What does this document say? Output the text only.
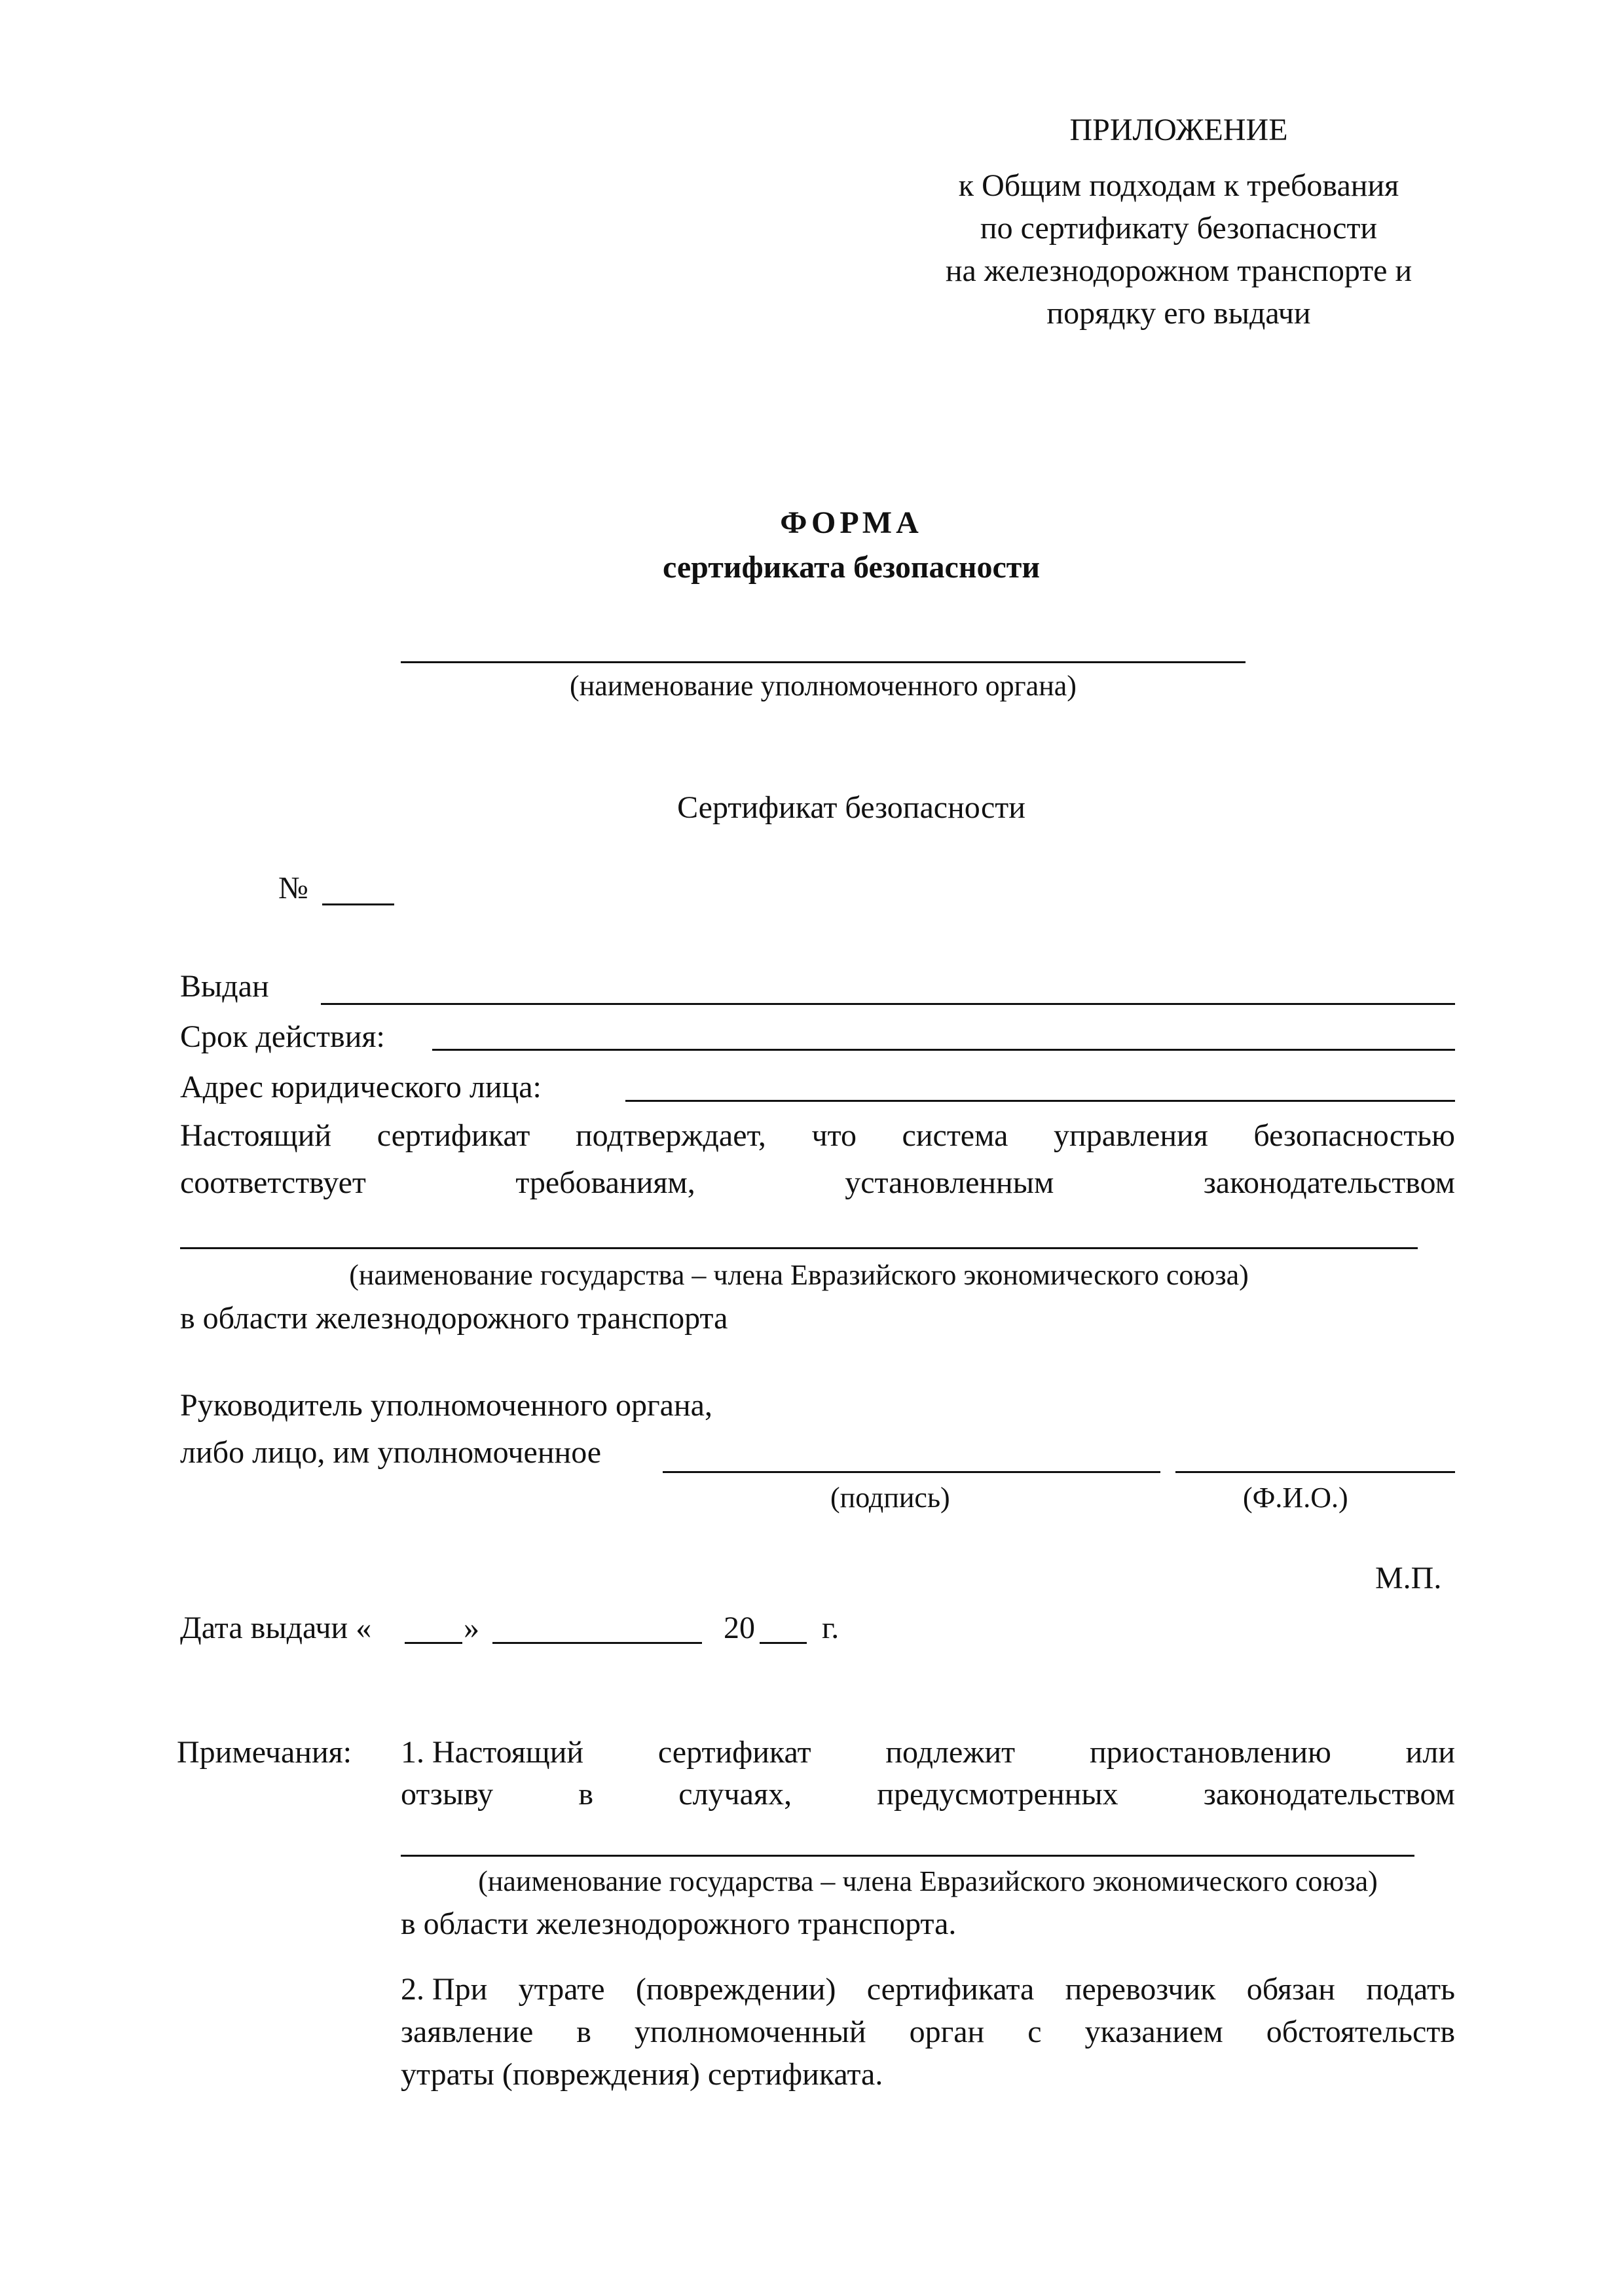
ПРИЛОЖЕНИЕ
к Общим подходам к требования
по сертификату безопасности
на железнодорожном транспорте и
порядку его выдачи
ФОРМА
сертификата безопасности
(наименование уполномоченного органа)
Сертификат безопасности
№
Выдан
Срок действия:
Адрес юридического лица:
Настоящий сертификат подтверждает, что система управления безопасностью
соответствует	требованиям,	установленным	законодательством
(наименование государства – члена Евразийского экономического союза)
в области железнодорожного транспорта
Руководитель уполномоченного органа,
либо лицо, им уполномоченное
(подпись)	(Ф.И.О.)
М.П.
Дата выдачи «	»	20 г.
Примечания: 1. Настоящий сертификат подлежит приостановлению или
отзыву	в	случаях,	предусмотренных	законодательством
(наименование государства – члена Евразийского экономического союза)
в области железнодорожного транспорта.
2. При утрате (повреждении) сертификата перевозчик обязан подать
заявление в уполномоченный орган с указанием обстоятельств
утраты (повреждения) сертификата.
